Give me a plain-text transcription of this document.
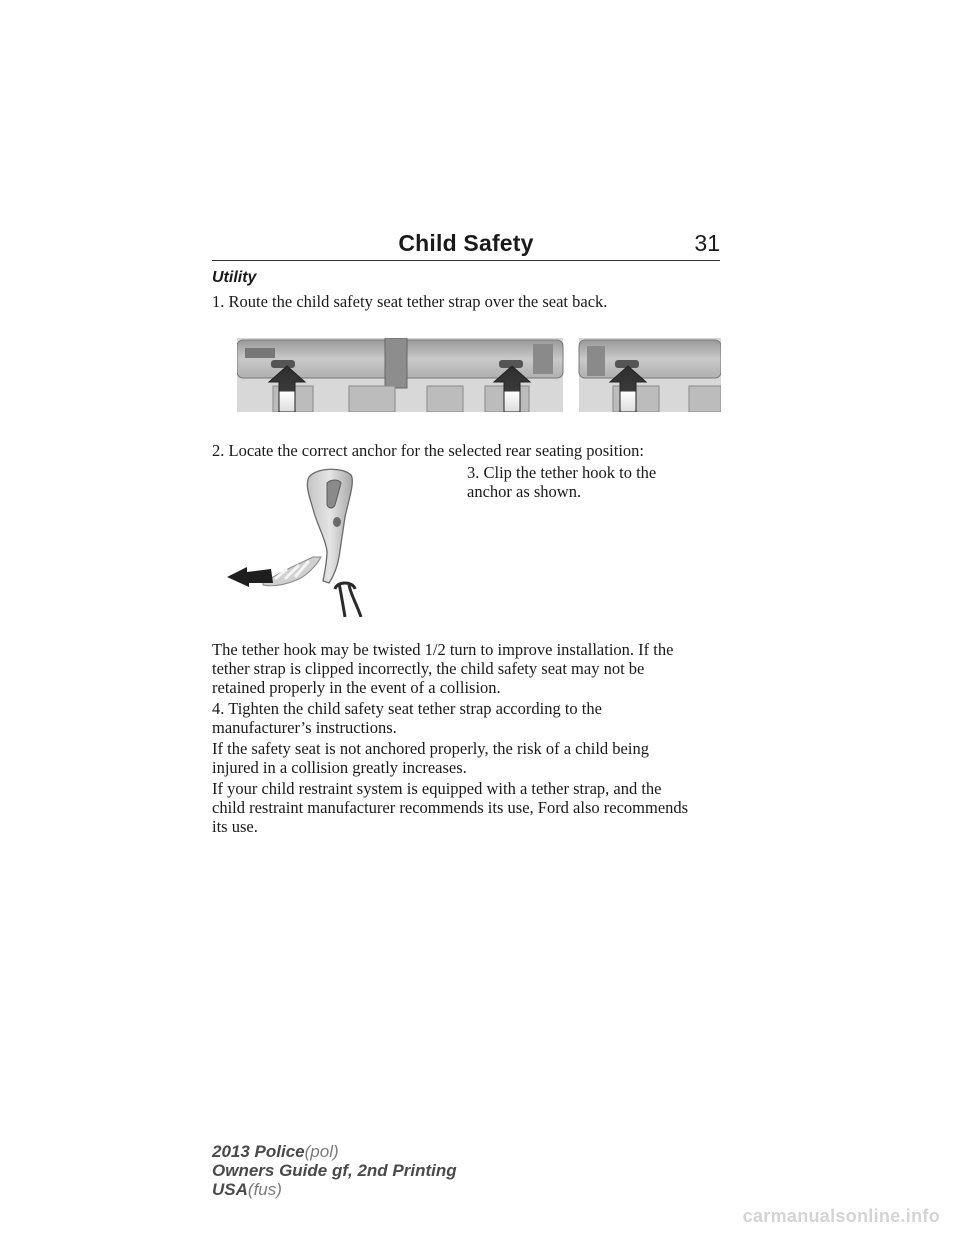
Child Safety	31
Utility

1. Route the child safety seat tether strap over the seat back.

2. Locate the correct anchor for the selected rear seating position:

3. Clip the tether hook to the
anchor as shown.

The tether hook may be twisted 1/2 turn to improve installation. If the
tether strap is clipped incorrectly, the child safety seat may not be
retained properly in the event of a collision.

4. Tighten the child safety seat tether strap according to the
manufacturer’s instructions.

If the safety seat is not anchored properly, the risk of a child being
injured in a collision greatly increases.

If your child restraint system is equipped with a tether strap, and the
child restraint manufacturer recommends its use, Ford also recommends
its use.

2013 Police(pol)
Owners Guide gf, 2nd Printing
USA(fus)
carmanualsonline.info
